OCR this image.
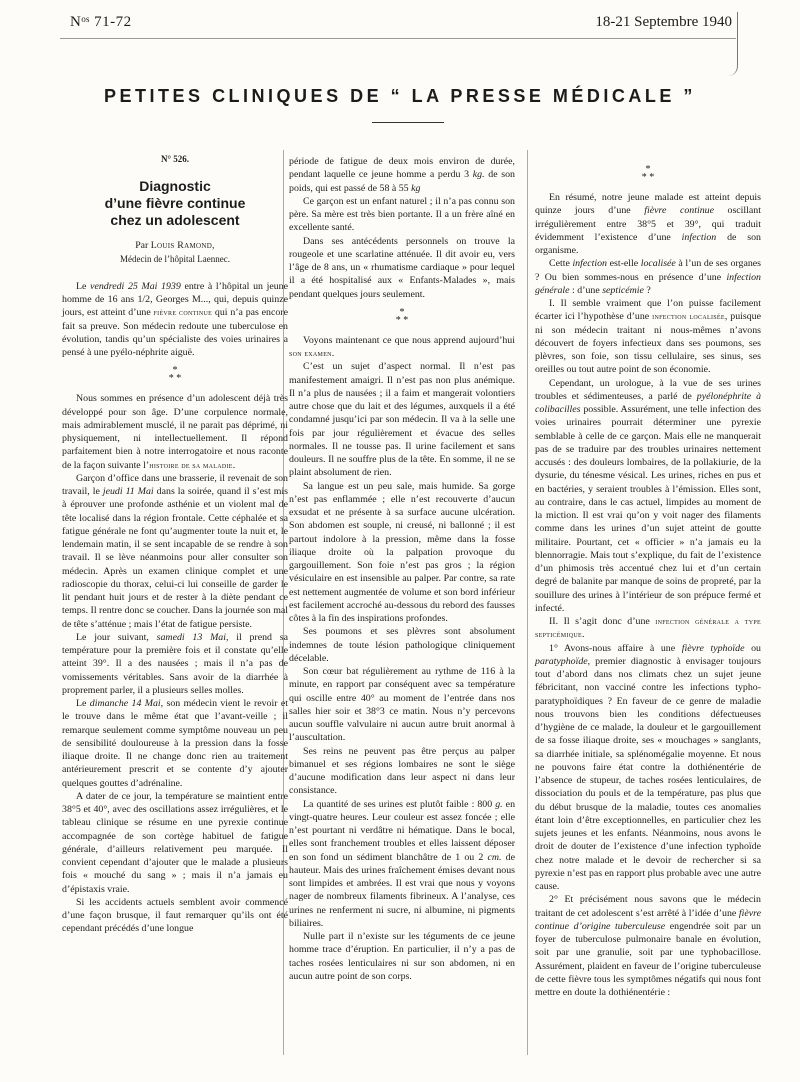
Nᵒˢ 71-72	18-21 Septembre 1940
PETITES CLINIQUES DE “ LA PRESSE MÉDICALE ”

N° 526.

Diagnostic
d’une fièvre continue
chez un adolescent

Par Louis Ramond,

Médecin de l’hôpital Laennec.

Le vendredi 25 Mai 1939 entre à l’hôpital un jeune homme de 16 ans 1/2, Georges M..., qui, depuis quinze jours, est atteint d’une fièvre continue qui n’a pas encore fait sa preuve. Son médecin redoute une tuberculose en évolution, tandis qu’un spécialiste des voies urinaires a pensé à une pyélo-néphrite aiguë.

*
* *

Nous sommes en présence d’un adolescent déjà très développé pour son âge. D’une corpulence normale, mais admirablement musclé, il ne parait pas déprimé, ni physiquement, ni intellectuellement. Il répond parfaitement bien à notre interrogatoire et nous raconte de la façon suivante l’histoire de sa maladie.

Garçon d’office dans une brasserie, il revenait de son travail, le jeudi 11 Mai dans la soirée, quand il s’est mis à éprouver une profonde asthénie et un violent mal de tête localisé dans la région frontale. Cette céphalée et sa fatigue générale ne font qu’augmenter toute la nuit et, le lendemain matin, il se sent incapable de se rendre à son travail. Il se lève néanmoins pour aller consulter son médecin. Après un examen clinique complet et une radioscopie du thorax, celui-ci lui conseille de garder le lit pendant huit jours et de rester à la diète pendant ce temps. Il rentre donc se coucher. Dans la journée son mal de tête s’atténue ; mais l’état de fatigue persiste.

Le jour suivant, samedi 13 Mai, il prend sa température pour la première fois et il constate qu’elle atteint 39°. Il a des nausées ; mais il n’a pas de vomissements véritables. Sans avoir de la diarrhée à proprement parler, il a plusieurs selles molles.

Le dimanche 14 Mai, son médecin vient le revoir et le trouve dans le même état que l’avant-veille ; il remarque seulement comme symptôme nouveau un peu de sensibilité douloureuse à la pression dans la fosse iliaque droite. Il ne change donc rien au traitement antérieurement prescrit et se contente d’y ajouter quelques gouttes d’adrénaline.

A dater de ce jour, la température se maintient entre 38°5 et 40°, avec des oscillations assez irrégulières, et le tableau clinique se résume en une pyrexie continue accompagnée de son cortège habituel de fatigue générale, d’ailleurs relativement peu marquée. Il convient cependant d’ajouter que le malade a plusieurs fois « mouché du sang » ; mais il n’a jamais eu d’épistaxis vraie.

Si les accidents actuels semblent avoir commencé d’une façon brusque, il faut remarquer qu’ils ont été cependant précédés d’une longue

période de fatigue de deux mois environ de durée, pendant laquelle ce jeune homme a perdu 3 kg. de son poids, qui est passé de 58 à 55 kg

Ce garçon est un enfant naturel ; il n’a pas connu son père. Sa mère est très bien portante. Il a un frère aîné en excellente santé.

Dans ses antécédents personnels on trouve la rougeole et une scarlatine atténuée. Il dit avoir eu, vers l’âge de 8 ans, un « rhumatisme cardiaque » pour lequel il a été hospitalisé aux « Enfants-Malades », mais pendant quelques jours seulement.

*
* *

Voyons maintenant ce que nous apprend aujourd’hui son examen.

C’est un sujet d’aspect normal. Il n’est pas manifestement amaigri. Il n’est pas non plus anémique. Il n’a plus de nausées ; il a faim et mangerait volontiers autre chose que du lait et des légumes, auxquels il a été condamné jusqu’ici par son médecin. Il va à la selle une fois par jour régulièrement et évacue des selles normales. Il ne tousse pas. Il urine facilement et sans douleurs. Il ne souffre plus de la tête. En somme, il ne se plaint absolument de rien.

Sa langue est un peu sale, mais humide. Sa gorge n’est pas enflammée ; elle n’est recouverte d’aucun exsudat et ne présente à sa surface aucune ulcération. Son abdomen est souple, ni creusé, ni ballonné ; il est partout indolore à la pression, même dans la fosse iliaque droite où la palpation provoque du gargouillement. Son foie n’est pas gros ; la région vésiculaire en est insensible au palper. Par contre, sa rate est nettement augmentée de volume et son bord inférieur est facilement accroché au-dessous du rebord des fausses côtes à la fin des inspirations profondes.

Ses poumons et ses plèvres sont absolument indemnes de toute lésion pathologique cliniquement décelable.

Son cœur bat régulièrement au rythme de 116 à la minute, en rapport par conséquent avec sa température qui oscille entre 40° au moment de l’entrée dans nos salles hier soir et 38°3 ce matin. Nous n’y percevons aucun souffle valvulaire ni aucun autre bruit anormal à l’auscultation.

Ses reins ne peuvent pas être perçus au palper bimanuel et ses régions lombaires ne sont le siège d’aucune modification dans leur aspect ni dans leur consistance.

La quantité de ses urines est plutôt faible : 800 g. en vingt-quatre heures. Leur couleur est assez foncée ; elle n’est pourtant ni verdâtre ni hématique. Dans le bocal, elles sont franchement troubles et elles laissent déposer en son fond un sédiment blanchâtre de 1 ou 2 cm. de hauteur. Mais des urines fraîchement émises devant nous sont limpides et ambrées. Il est vrai que nous y voyons nager de nombreux filaments fibrineux. A l’analyse, ces urines ne renferment ni sucre, ni albumine, ni pigments biliaires.

Nulle part il n’existe sur les téguments de ce jeune homme trace d’éruption. En particulier, il n’y a pas de taches rosées lenticulaires ni sur son abdomen, ni en aucun autre point de son corps.

*
* *

En résumé, notre jeune malade est atteint depuis quinze jours d’une fièvre continue oscillant irrégulièrement entre 38°5 et 39°, qui traduit évidemment l’existence d’une infection de son organisme.

Cette infection est-elle localisée à l’un de ses organes ? Ou bien sommes-nous en présence d’une infection générale : d’une septicémie ?

I. Il semble vraiment que l’on puisse facilement écarter ici l’hypothèse d’une infection localisée, puisque ni son médecin traitant ni nous-mêmes n’avons découvert de foyers infectieux dans ses poumons, ses plèvres, son foie, son tissu cellulaire, ses sinus, ses oreilles ou tout autre point de son économie.

Cependant, un urologue, à la vue de ses urines troubles et sédimenteuses, a parlé de pyélonéphrite à colibacilles possible. Assurément, une telle infection des voies urinaires pourrait déterminer une pyrexie semblable à celle de ce garçon. Mais elle ne manquerait pas de se traduire par des troubles urinaires nettement accusés : des douleurs lombaires, de la pollakiurie, de la dysurie, du ténesme vésical. Les urines, riches en pus et en bactéries, y seraient troubles à l’émission. Elles sont, au contraire, dans le cas actuel, limpides au moment de la miction. Il est vrai qu’on y voit nager des filaments comme dans les urines d’un sujet atteint de goutte militaire. Pourtant, cet « officier » n’a jamais eu la blennorragie. Mais tout s’explique, du fait de l’existence d’un phimosis très accentué chez lui et d’un certain degré de balanite par manque de soins de propreté, par la souillure des urines à l’intérieur de son prépuce fermé et infecté.

II. Il s’agit donc d’une infection générale a type septicémique.

1° Avons-nous affaire à une fièvre typhoïde ou paratyphoïde, premier diagnostic à envisager toujours tout d’abord dans nos climats chez un sujet jeune fébricitant, non vacciné contre les infections typho-paratyphoïdiques ? En faveur de ce genre de maladie nous trouvons bien les conditions défectueuses d’hygiène de ce malade, la douleur et le gargouillement de sa fosse iliaque droite, ses « mouchages » sanglants, sa diarrhée initiale, sa splénomégalie moyenne. Et nous ne pouvons faire état contre la dothiénentérie de l’absence de stupeur, de taches rosées lenticulaires, de dissociation du pouls et de la température, pas plus que du début brusque de la maladie, toutes ces anomalies étant loin d’être exceptionnelles, en particulier chez les sujets jeunes et les enfants. Néanmoins, nous avons le droit de douter de l’existence d’une infection typhoïde chez notre malade et le devoir de rechercher si sa pyrexie n’est pas en rapport plus probable avec une autre cause.

2° Et précisément nous savons que le médecin traitant de cet adolescent s’est arrêté à l’idée d’une fièvre continue d’origine tuberculeuse engendrée soit par un foyer de tuberculose pulmonaire banale en évolution, soit par une granulie, soit par une typhobacillose. Assurément, plaident en faveur de l’origine tuberculeuse de cette fièvre tous les symptômes négatifs qui nous font mettre en doute la dothiénentérie :
